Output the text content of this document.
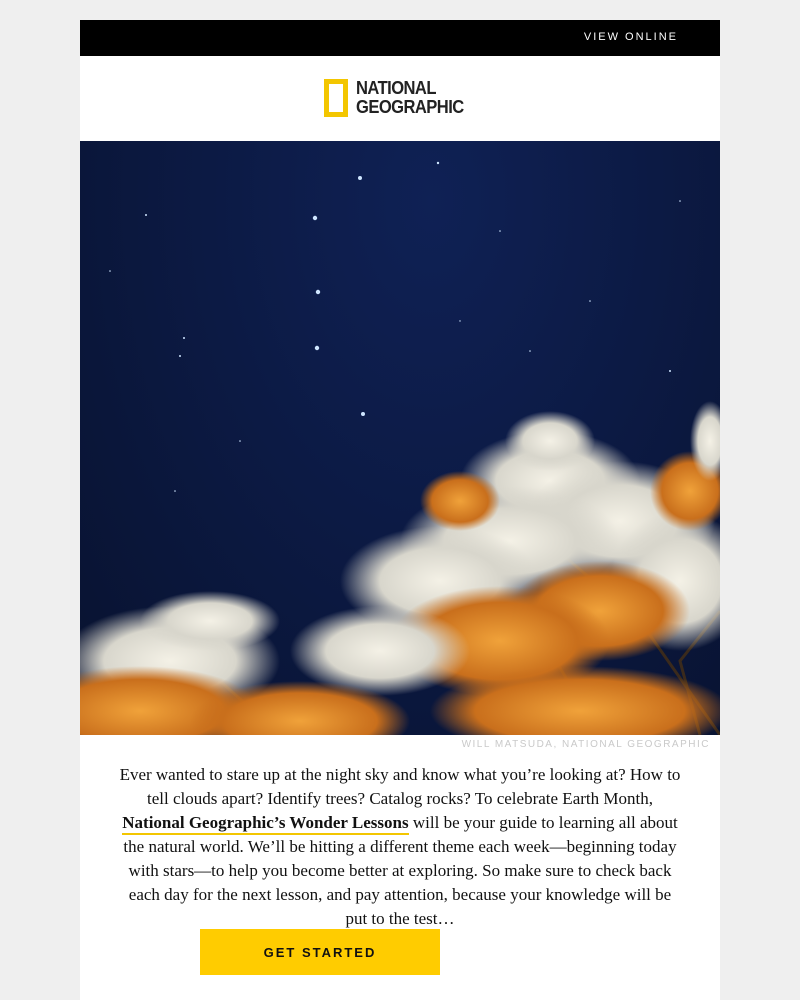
VIEW ONLINE
NATIONAL
GEOGRAPHIC
WILL MATSUDA, NATIONAL GEOGRAPHIC

Ever wanted to stare up at the night sky and know what you’re looking at? How to tell clouds apart? Identify trees? Catalog rocks? To celebrate Earth Month, National Geographic’s Wonder Lessons will be your guide to learning all about the natural world. We’ll be hitting a different theme each week—beginning today with stars—to help you become better at exploring. So make sure to check back each day for the next lesson, and pay attention, because your knowledge will be put to the test…

GET STARTED
